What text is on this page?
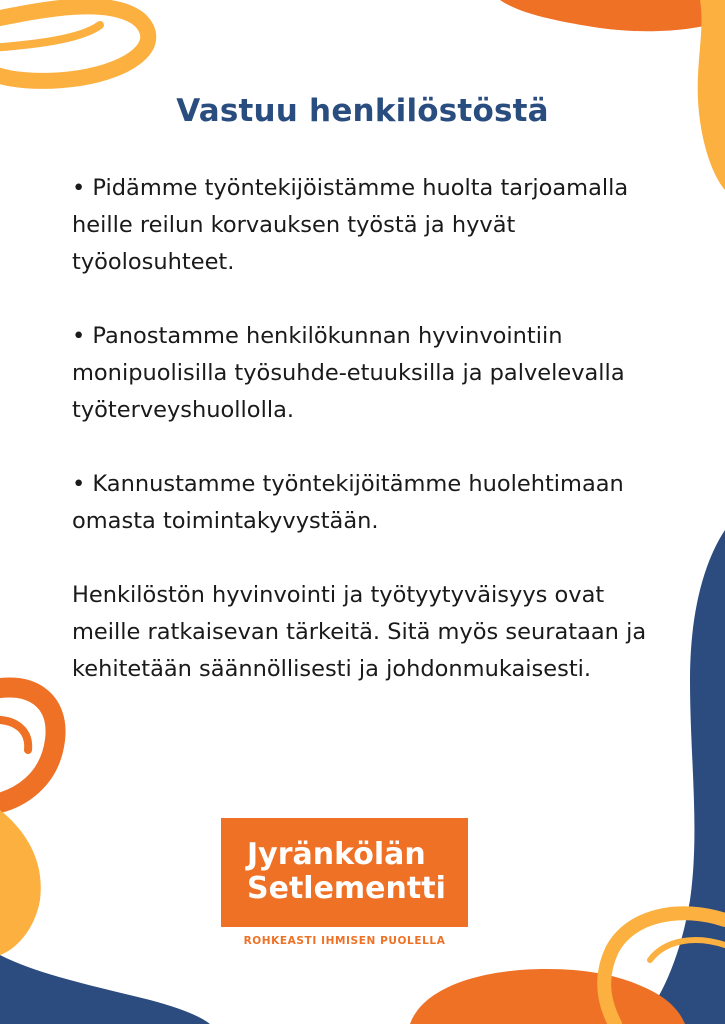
Vastuu henkilöstöstä

• Pidämme työntekijöistämme huolta tarjoamalla heille reilun korvauksen työstä ja hyvät työolosuhteet.

• Panostamme henkilökunnan hyvinvointiin monipuolisilla työsuhde-etuuksilla ja palvelevalla työterveyshuollolla.

• Kannustamme työntekijöitämme huolehtimaan omasta toimintakyvystään.

Henkilöstön hyvinvointi ja työtyytyväisyys ovat meille ratkaisevan tärkeitä. Sitä myös seurataan ja kehitetään säännöllisesti ja johdonmukaisesti.

Jyränkölän
Setlementti
ROHKEASTI IHMISEN PUOLELLA
